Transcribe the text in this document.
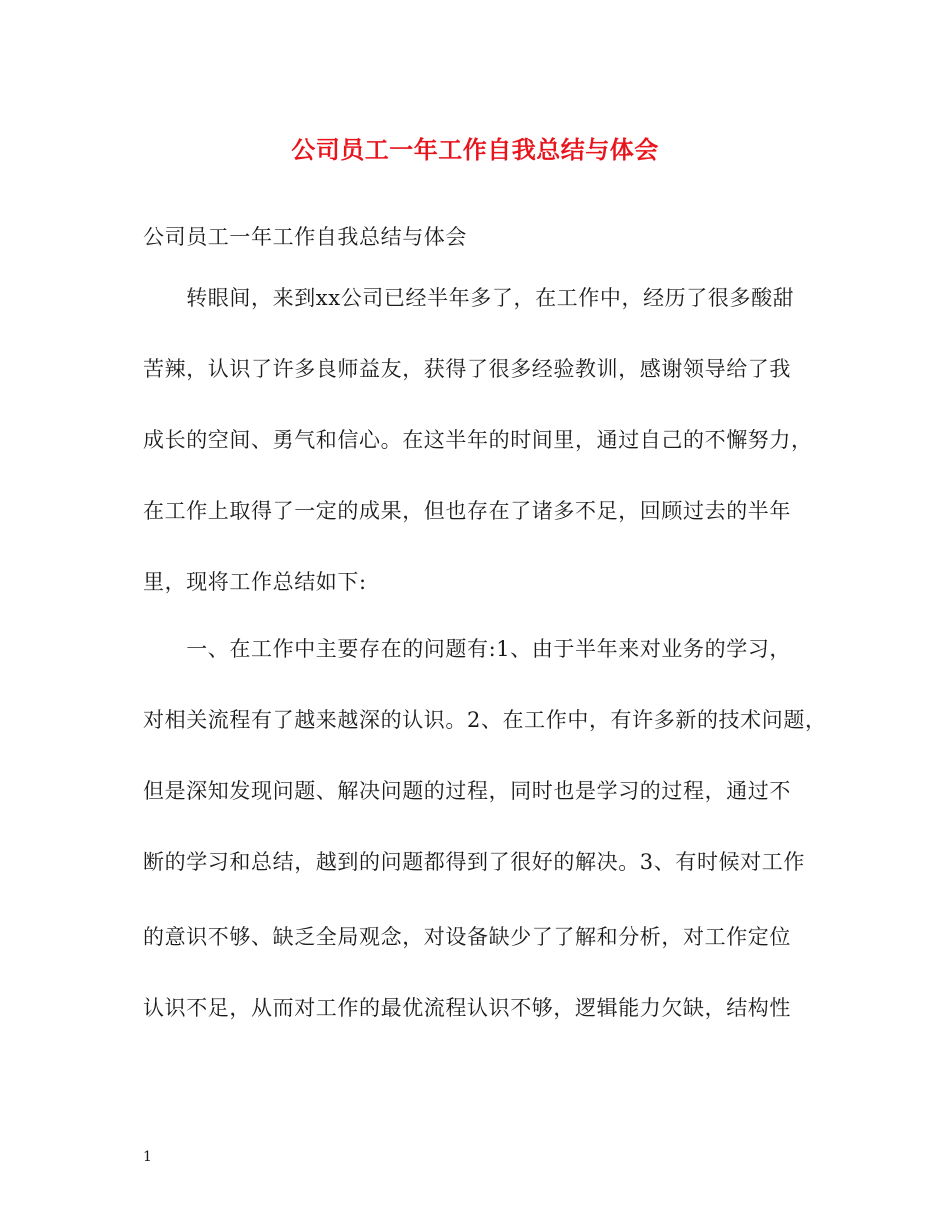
公司员工一年工作自我总结与体会
公司员工一年工作自我总结与体会
　　转眼间，来到xx公司已经半年多了，在工作中，经历了很多酸甜
苦辣，认识了许多良师益友，获得了很多经验教训，感谢领导给了我
成长的空间、勇气和信心。在这半年的时间里，通过自己的不懈努力，
在工作上取得了一定的成果，但也存在了诸多不足，回顾过去的半年
里，现将工作总结如下:
　　一、在工作中主要存在的问题有:1、由于半年来对业务的学习，
对相关流程有了越来越深的认识。2、在工作中，有许多新的技术问题，
但是深知发现问题、解决问题的过程，同时也是学习的过程，通过不
断的学习和总结，越到的问题都得到了很好的解决。3、有时候对工作
的意识不够、缺乏全局观念，对设备缺少了了解和分析，对工作定位
认识不足，从而对工作的最优流程认识不够，逻辑能力欠缺，结构性
1
